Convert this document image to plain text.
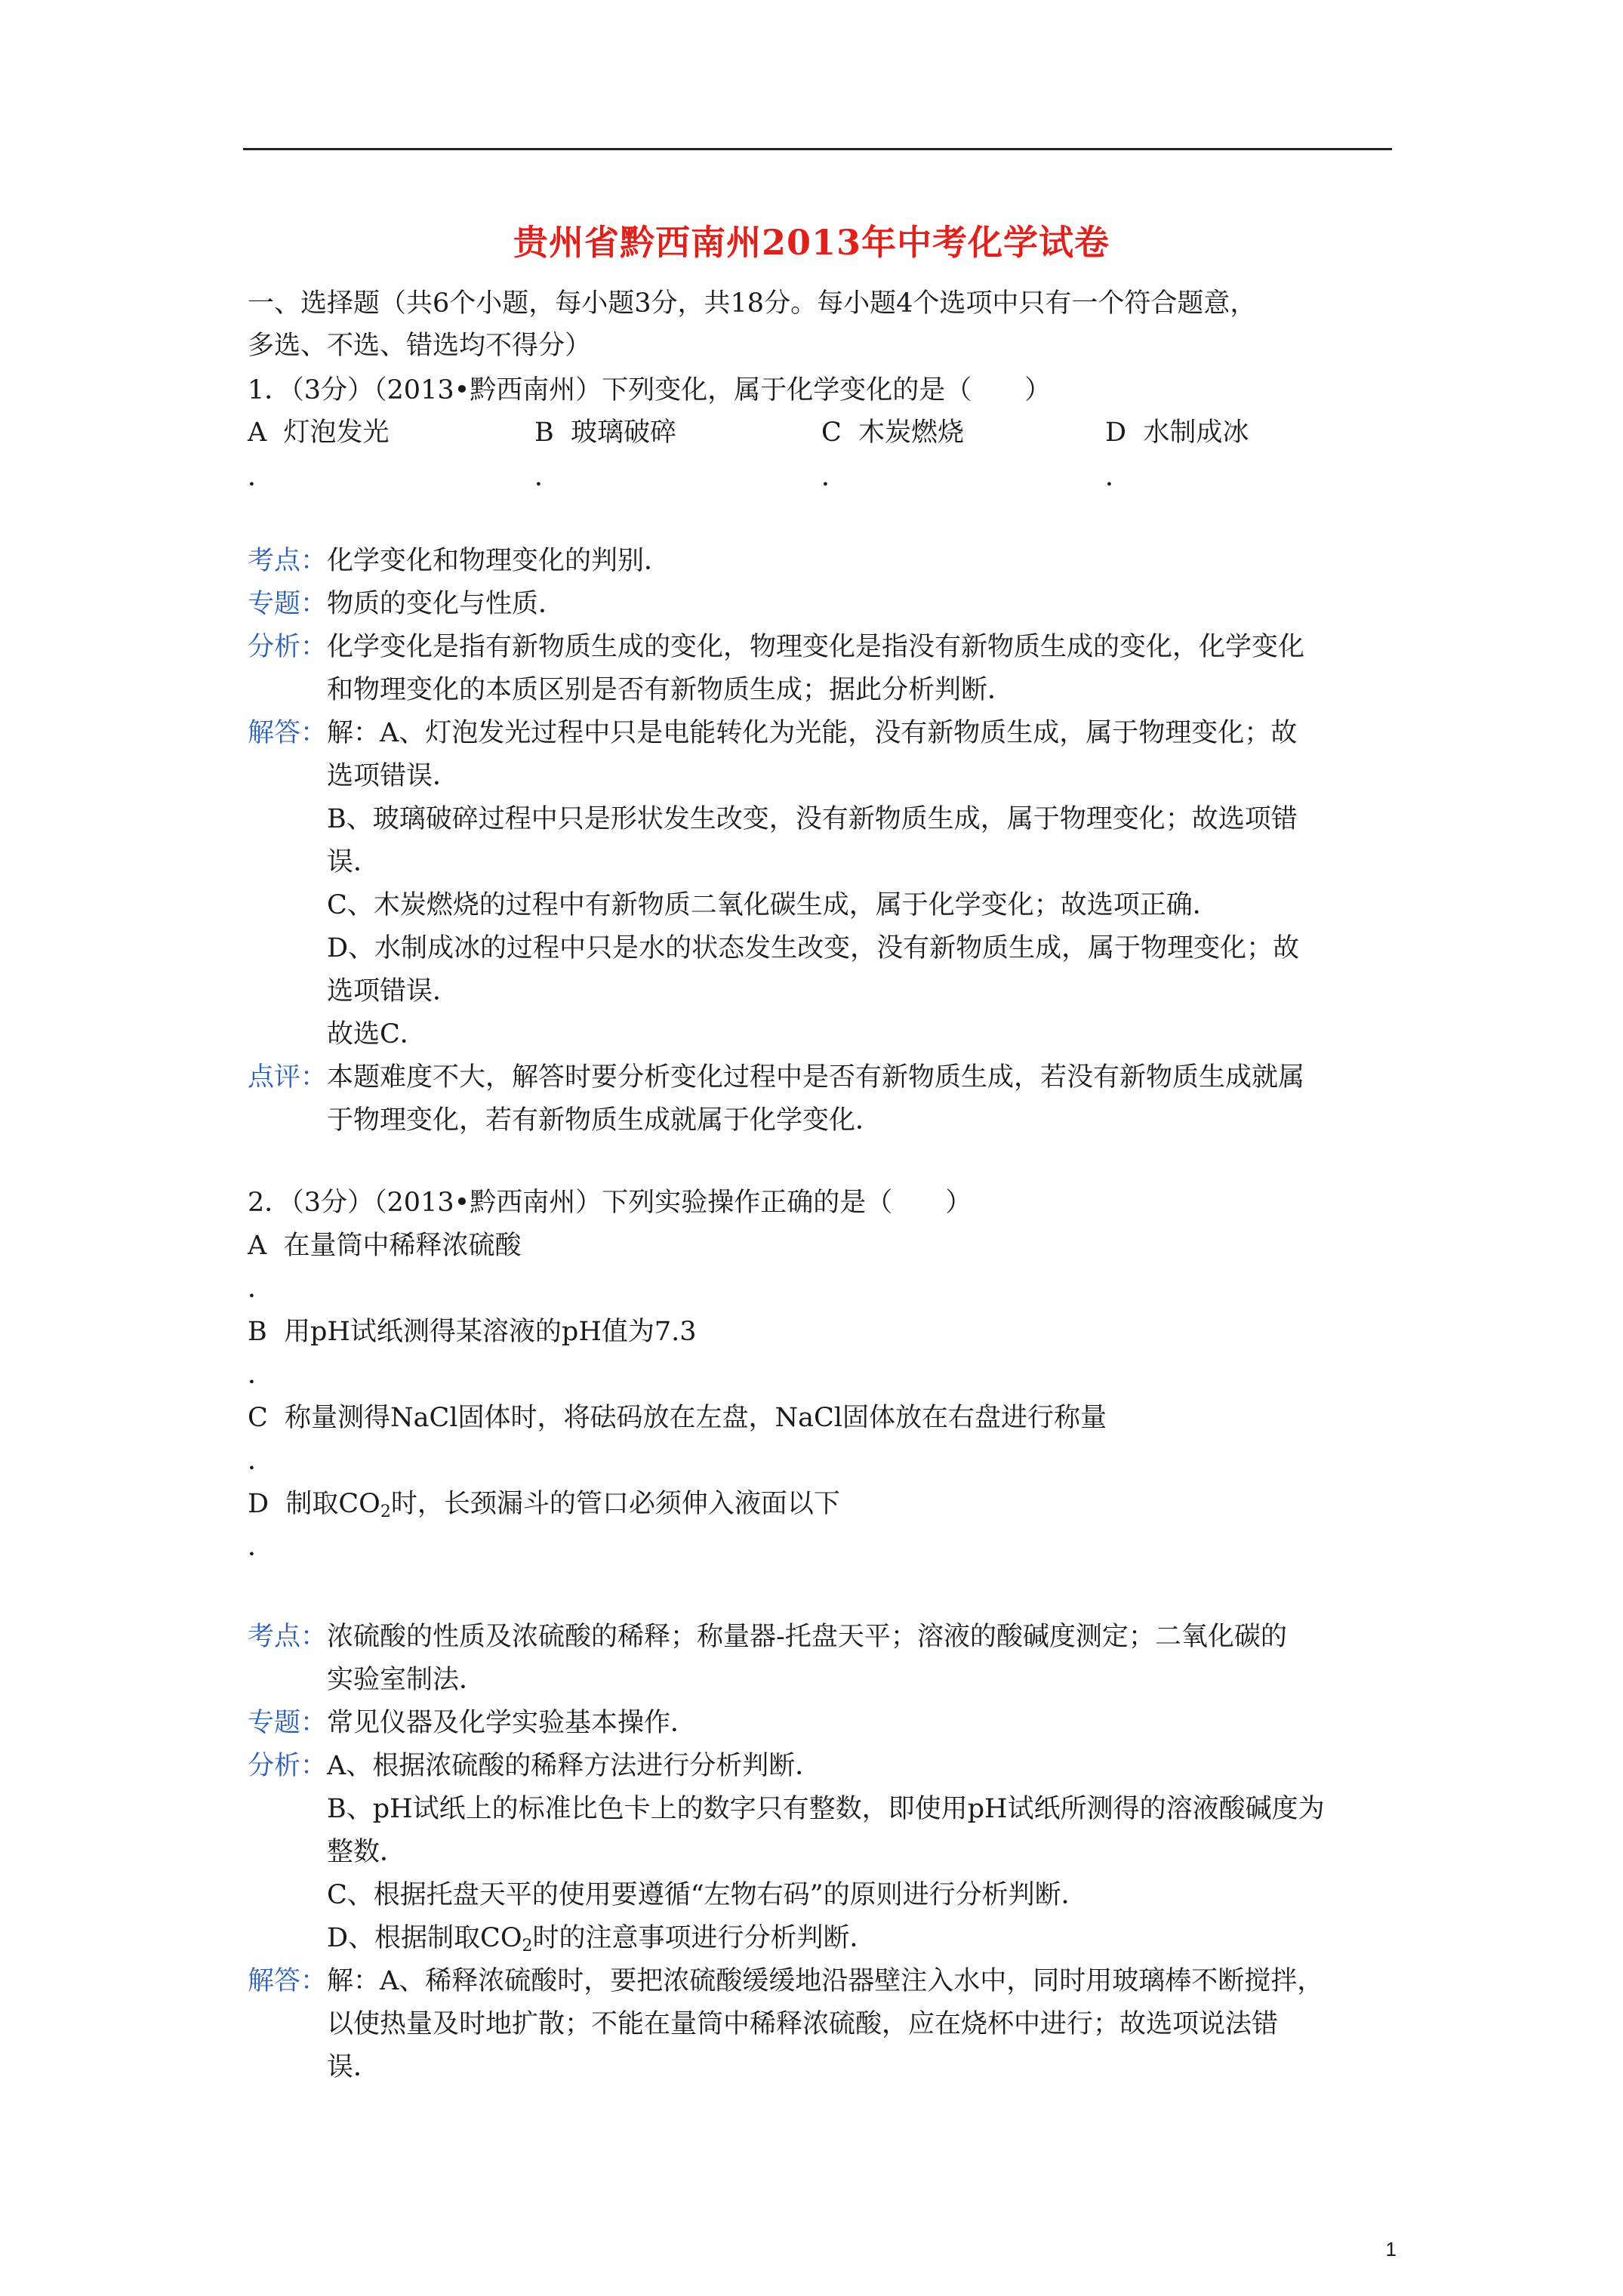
贵州省黔西南州2013年中考化学试卷
一、选择题（共6个小题，每小题3分，共18分。每小题4个选项中只有一个符合题意，
多选、不选、错选均不得分）
1．（3分）（2013•黔西南州）下列变化，属于化学变化的是（　　）
A 灯泡发光	B 玻璃破碎	C 木炭燃烧	D 水制成冰
．	．	．	．
考点：化学变化和物理变化的判别．
专题：物质的变化与性质．
分析：化学变化是指有新物质生成的变化，物理变化是指没有新物质生成的变化，化学变化
和物理变化的本质区别是否有新物质生成；据此分析判断．
解答：解：A、灯泡发光过程中只是电能转化为光能，没有新物质生成，属于物理变化；故
选项错误．
B、玻璃破碎过程中只是形状发生改变，没有新物质生成，属于物理变化；故选项错
误．
C、木炭燃烧的过程中有新物质二氧化碳生成，属于化学变化；故选项正确．
D、水制成冰的过程中只是水的状态发生改变，没有新物质生成，属于物理变化；故
选项错误．
故选C．
点评：本题难度不大，解答时要分析变化过程中是否有新物质生成，若没有新物质生成就属
于物理变化，若有新物质生成就属于化学变化．
2．（3分）（2013•黔西南州）下列实验操作正确的是（　　）
A 在量筒中稀释浓硫酸
．
B 用pH试纸测得某溶液的pH值为7.3
．
C 称量测得NaCl固体时，将砝码放在左盘，NaCl固体放在右盘进行称量
．
D 制取$CO_2$时，长颈漏斗的管口必须伸入液面以下
．
考点：浓硫酸的性质及浓硫酸的稀释；称量器-托盘天平；溶液的酸碱度测定；二氧化碳的
实验室制法．
专题：常见仪器及化学实验基本操作．
分析：A、根据浓硫酸的稀释方法进行分析判断．
B、pH试纸上的标准比色卡上的数字只有整数，即使用pH试纸所测得的溶液酸碱度为
整数．
C、根据托盘天平的使用要遵循“左物右码”的原则进行分析判断．
D、根据制取$CO_2$时的注意事项进行分析判断．
解答：解：A、稀释浓硫酸时，要把浓硫酸缓缓地沿器壁注入水中，同时用玻璃棒不断搅拌，
以使热量及时地扩散；不能在量筒中稀释浓硫酸，应在烧杯中进行；故选项说法错
误．
1
